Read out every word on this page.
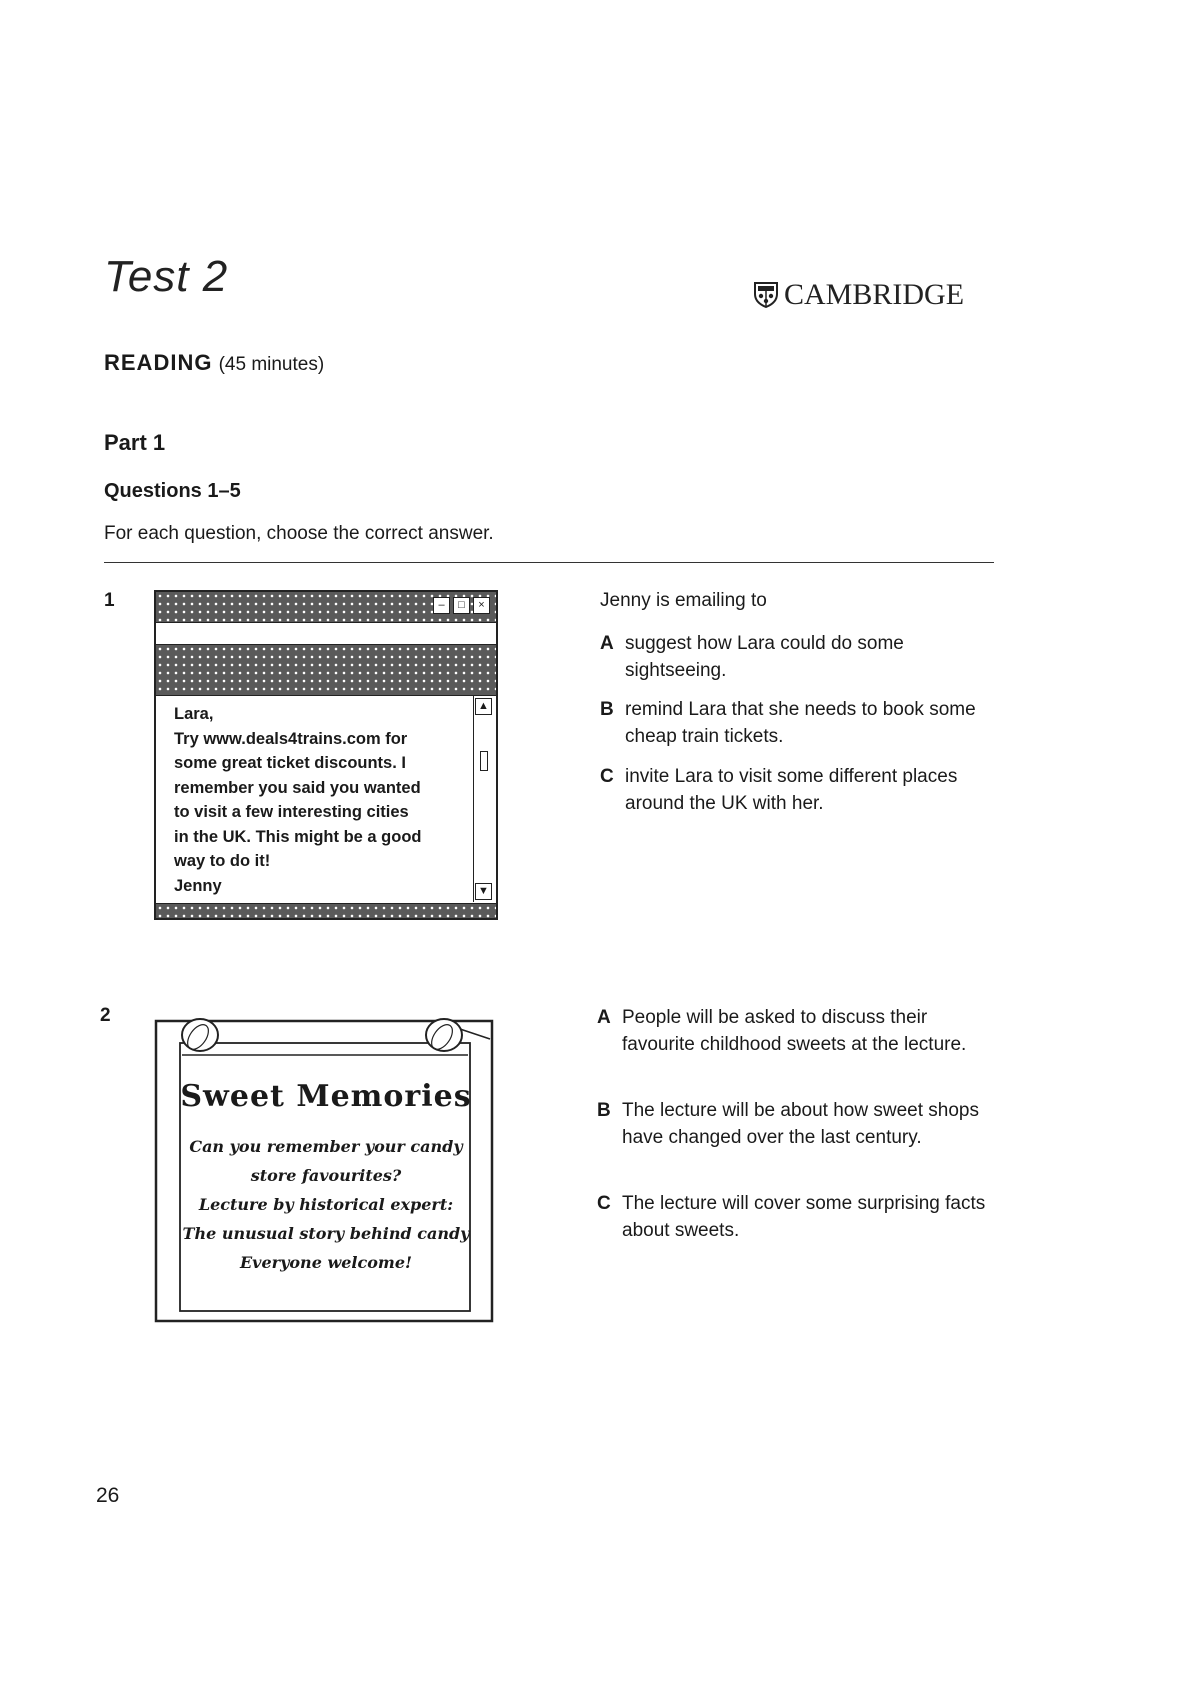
Test 2	CAMBRIDGE
READING (45 minutes)
Part 1
Questions 1–5
For each question, choose the correct answer.
1	–	□	×
Lara,
Try www.deals4trains.com for
some great ticket discounts. I
remember you said you wanted
to visit a few interesting cities
in the UK. This might be a good
way to do it!
Jenny
▲
▼
Jenny is emailing to
A suggest how Lara could do some sightseeing.
B remind Lara that she needs to book some cheap train tickets.
C invite Lara to visit some different places around the UK with her.
2
Sweet Memories
Can you remember your candy
store favourites?
Lecture by historical expert:
The unusual story behind candy
Everyone welcome!
A People will be asked to discuss their favourite childhood sweets at the lecture.
B The lecture will be about how sweet shops have changed over the last century.
C The lecture will cover some surprising facts about sweets.
26
